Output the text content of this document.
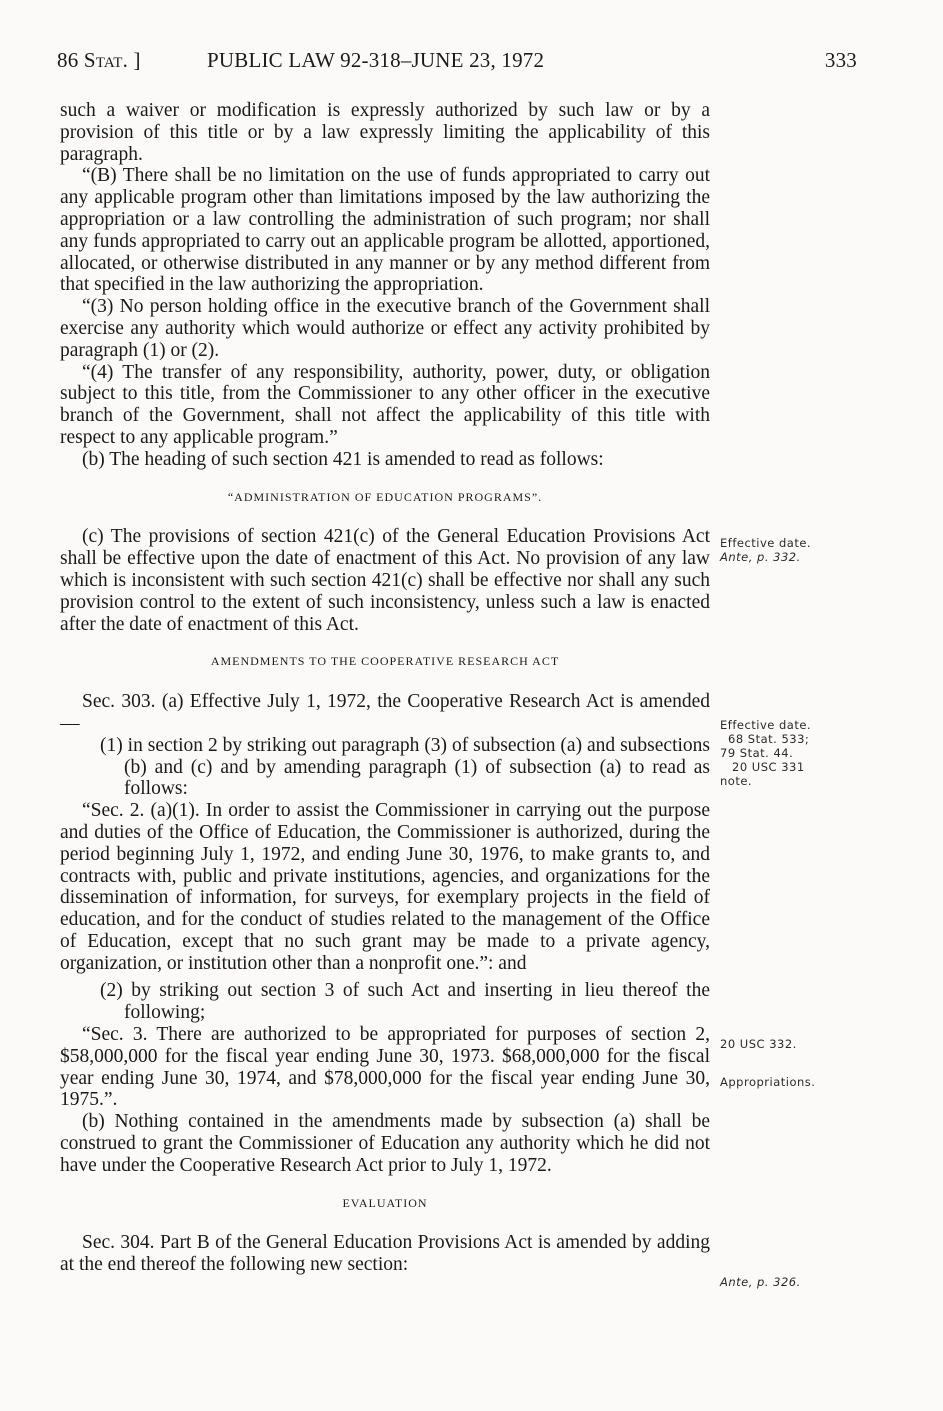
86 Stat. ]	PUBLIC LAW 92-318–JUNE 23, 1972	333

such a waiver or modification is expressly authorized by such law or by a provision of this title or by a law expressly limiting the applicability of this paragraph.

“(B) There shall be no limitation on the use of funds appropriated to carry out any applicable program other than limitations imposed by the law authorizing the appropriation or a law controlling the administration of such program; nor shall any funds appropriated to carry out an applicable program be allotted, apportioned, allocated, or otherwise distributed in any manner or by any method different from that specified in the law authorizing the appropriation.

“(3) No person holding office in the executive branch of the Government shall exercise any authority which would authorize or effect any activity prohibited by paragraph (1) or (2).

“(4) The transfer of any responsibility, authority, power, duty, or obligation subject to this title, from the Commissioner to any other officer in the executive branch of the Government, shall not affect the applicability of this title with respect to any applicable program.”

(b) The heading of such section 421 is amended to read as follows:

“ADMINISTRATION OF EDUCATION PROGRAMS”.

(c) The provisions of section 421(c) of the General Education Provisions Act shall be effective upon the date of enactment of this Act. No provision of any law which is inconsistent with such section 421(c) shall be effective nor shall any such provision control to the extent of such inconsistency, unless such a law is enacted after the date of enactment of this Act.

AMENDMENTS TO THE COOPERATIVE RESEARCH ACT

Sec. 303. (a) Effective July 1, 1972, the Cooperative Research Act is amended—

(1) in section 2 by striking out paragraph (3) of subsection (a) and subsections (b) and (c) and by amending paragraph (1) of subsection (a) to read as follows:

“Sec. 2. (a)(1). In order to assist the Commissioner in carrying out the purpose and duties of the Office of Education, the Commissioner is authorized, during the period beginning July 1, 1972, and ending June 30, 1976, to make grants to, and contracts with, public and private institutions, agencies, and organizations for the dissemination of information, for surveys, for exemplary projects in the field of education, and for the conduct of studies related to the management of the Office of Education, except that no such grant may be made to a private agency, organization, or institution other than a nonprofit one.”: and

(2) by striking out section 3 of such Act and inserting in lieu thereof the following;

“Sec. 3. There are authorized to be appropriated for purposes of section 2, $58,000,000 for the fiscal year ending June 30, 1973. $68,000,000 for the fiscal year ending June 30, 1974, and $78,000,000 for the fiscal year ending June 30, 1975.”.

(b) Nothing contained in the amendments made by subsection (a) shall be construed to grant the Commissioner of Education any authority which he did not have under the Cooperative Research Act prior to July 1, 1972.

EVALUATION

Sec. 304. Part B of the General Education Provisions Act is amended by adding at the end thereof the following new section:

Effective date.
Ante, p. 332.
Effective date.
68 Stat. 533;
79 Stat. 44.
20 USC 331
note.
20 USC 332.
Appropriations.
Ante, p. 326.
